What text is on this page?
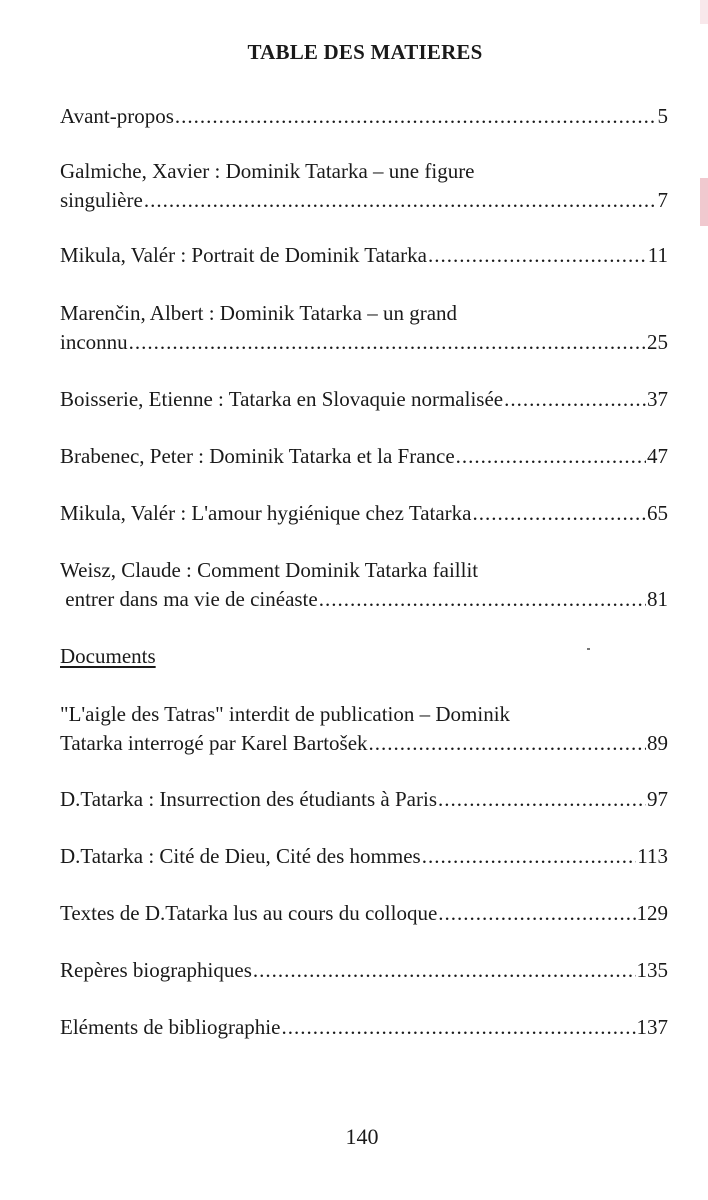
TABLE DES MATIERES
Avant-propos .....	5
Galmiche, Xavier : Dominik Tatarka – une figure
singulière .....	7
Mikula, Valér : Portrait de Dominik Tatarka .....	11
Marenčin, Albert : Dominik Tatarka – un grand
inconnu .....	25
Boisserie, Etienne : Tatarka en Slovaquie normalisée .....	37
Brabenec, Peter : Dominik Tatarka et la France .....	47
Mikula, Valér : L'amour hygiénique chez Tatarka .....	65
Weisz, Claude : Comment Dominik Tatarka faillit
entrer dans ma vie de cinéaste .....	81
Documents
"L'aigle des Tatras" interdit de publication – Dominik
Tatarka interrogé par Karel Bartošek .....	89
D.Tatarka : Insurrection des étudiants à Paris .....	97
D.Tatarka : Cité de Dieu, Cité des hommes .....	113
Textes de D.Tatarka lus au cours du colloque .....	129
Repères biographiques .....	135
Eléments de bibliographie .....	137
140
